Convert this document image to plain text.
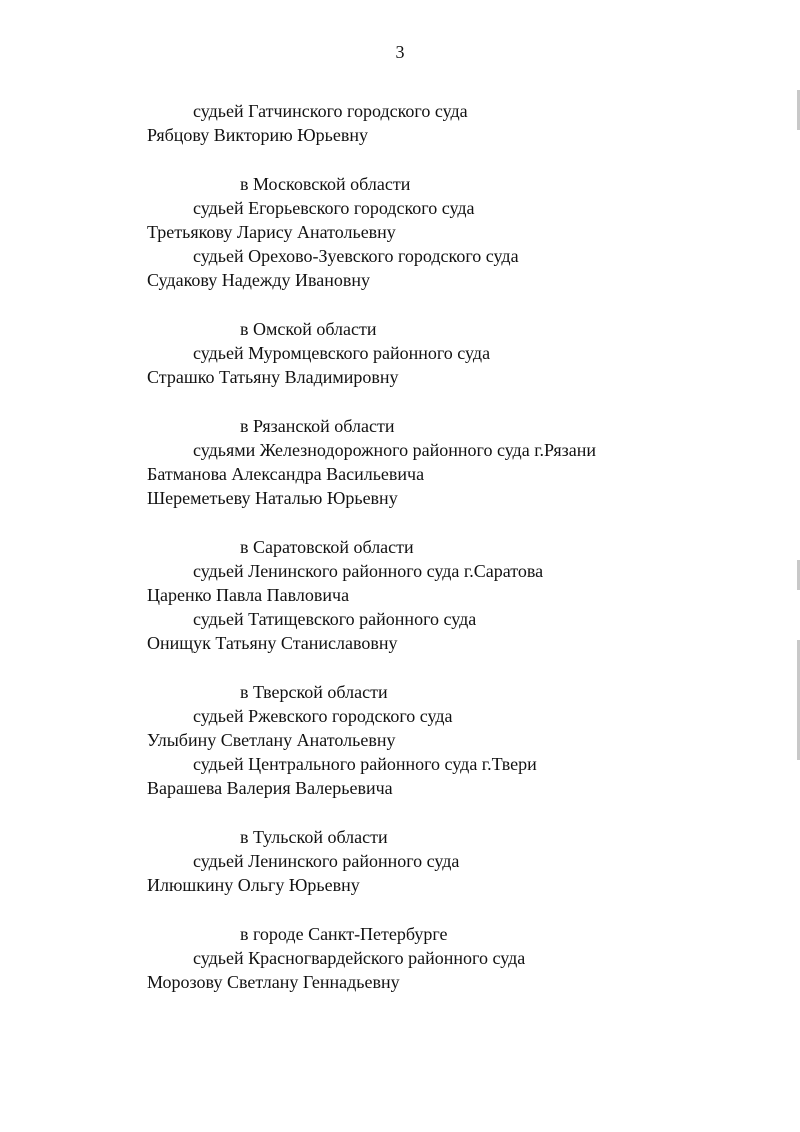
3
судьей Гатчинского городского суда
Рябцову Викторию Юрьевну
в Московской области
судьей Егорьевского городского суда
Третьякову Ларису Анатольевну
судьей Орехово-Зуевского городского суда
Судакову Надежду Ивановну
в Омской области
судьей Муромцевского районного суда
Страшко Татьяну Владимировну
в Рязанской области
судьями Железнодорожного районного суда г.Рязани
Батманова Александра Васильевича
Шереметьеву Наталью Юрьевну
в Саратовской области
судьей Ленинского районного суда г.Саратова
Царенко Павла Павловича
судьей Татищевского районного суда
Онищук Татьяну Станиславовну
в Тверской области
судьей Ржевского городского суда
Улыбину Светлану Анатольевну
судьей Центрального районного суда г.Твери
Варашева Валерия Валерьевича
в Тульской области
судьей Ленинского районного суда
Илюшкину Ольгу Юрьевну
в городе Санкт-Петербурге
судьей Красногвардейского районного суда
Морозову Светлану Геннадьевну
